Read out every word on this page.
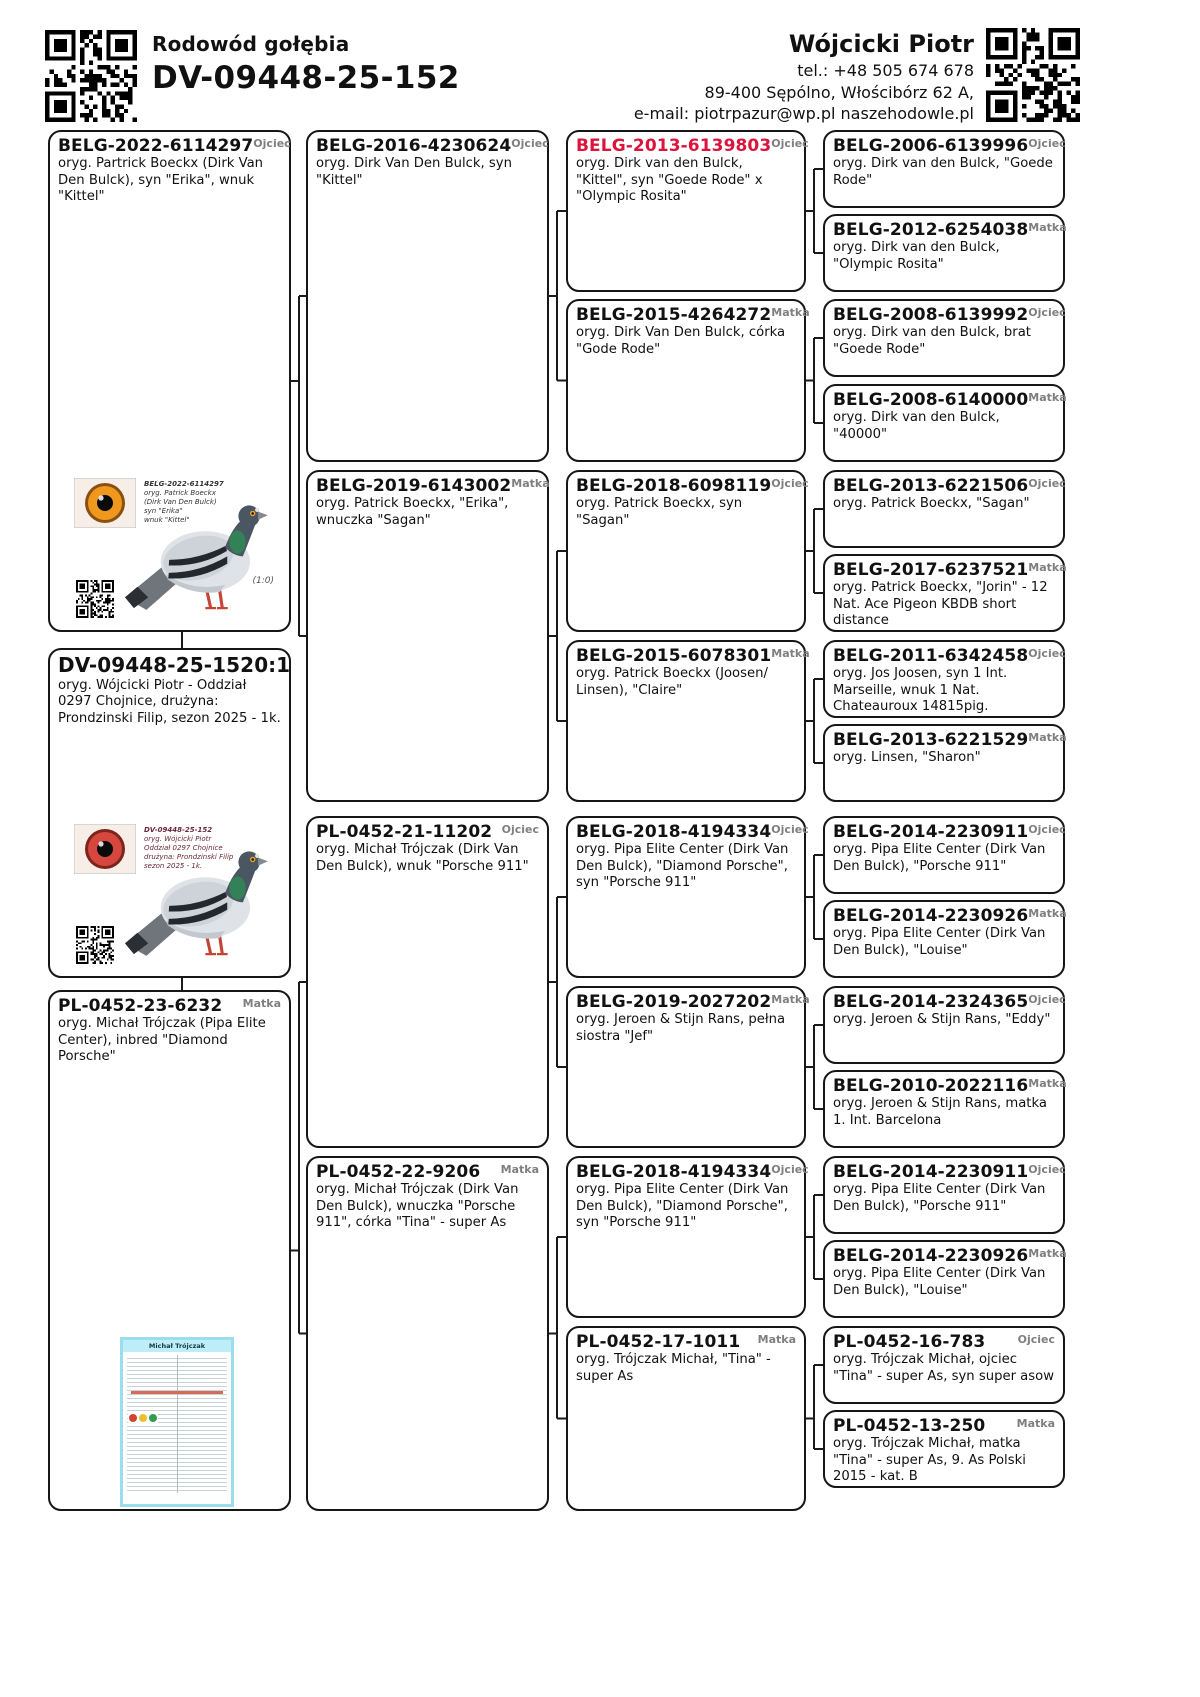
Rodowód gołębia
DV-09448-25-152
Wójcicki Piotr
tel.: +48 505 674 678
89-400 Sępólno, Włościbórz 62 A,
e-mail: piotrpazur@wp.pl naszehodowle.pl
BELG-2022-6114297 Ojciec
oryg. Partrick Boeckx (Dirk Van Den Bulck), syn "Erika", wnuk "Kittel"
BELG-2022-6114297
oryg. Patrick Boeckx
(Dirk Van Den Bulck)
syn "Erika"
wnuk "Kittel"
(1:0)
DV-09448-25-152 0:1
oryg. Wójcicki Piotr - Oddział 0297 Chojnice, drużyna: Prondzinski Filip, sezon 2025 - 1k.
DV-09448-25-152
oryg. Wójcicki Piotr
Oddział 0297 Chojnice
drużyna: Prondzinski Filip
sezon 2025 - 1k.
PL-0452-23-6232 Matka
oryg. Michał Trójczak (Pipa Elite Center), inbred "Diamond Porsche"
Michał Trójczak
BELG-2016-4230624 Ojciec
oryg. Dirk Van Den Bulck, syn "Kittel"
BELG-2019-6143002 Matka
oryg. Patrick Boeckx, "Erika", wnuczka "Sagan"
PL-0452-21-11202 Ojciec
oryg. Michał Trójczak (Dirk Van Den Bulck), wnuk "Porsche 911"
PL-0452-22-9206 Matka
oryg. Michał Trójczak (Dirk Van Den Bulck), wnuczka "Porsche 911", córka "Tina" - super As
BELG-2013-6139803 Ojciec
oryg. Dirk van den Bulck, "Kittel", syn "Goede Rode" x "Olympic Rosita"
BELG-2015-4264272 Matka
oryg. Dirk Van Den Bulck, córka "Gode Rode"
BELG-2018-6098119 Ojciec
oryg. Patrick Boeckx, syn "Sagan"
BELG-2015-6078301 Matka
oryg. Patrick Boeckx (Joosen/ Linsen), "Claire"
BELG-2018-4194334 Ojciec
oryg. Pipa Elite Center (Dirk Van Den Bulck), "Diamond Porsche", syn "Porsche 911"
BELG-2019-2027202 Matka
oryg. Jeroen & Stijn Rans, pełna siostra "Jef"
BELG-2018-4194334 Ojciec
oryg. Pipa Elite Center (Dirk Van Den Bulck), "Diamond Porsche", syn "Porsche 911"
PL-0452-17-1011 Matka
oryg. Trójczak Michał, "Tina" - super As
BELG-2006-6139996 Ojciec
oryg. Dirk van den Bulck, "Goede Rode"
BELG-2012-6254038 Matka
oryg. Dirk van den Bulck, "Olympic Rosita"
BELG-2008-6139992 Ojciec
oryg. Dirk van den Bulck, brat "Goede Rode"
BELG-2008-6140000 Matka
oryg. Dirk van den Bulck, "40000"
BELG-2013-6221506 Ojciec
oryg. Patrick Boeckx, "Sagan"
BELG-2017-6237521 Matka
oryg. Patrick Boeckx, "Jorin" - 12 Nat. Ace Pigeon KBDB short distance
BELG-2011-6342458 Ojciec
oryg. Jos Joosen, syn 1 Int. Marseille, wnuk 1 Nat. Chateauroux 14815pig.
BELG-2013-6221529 Matka
oryg. Linsen, "Sharon"
BELG-2014-2230911 Ojciec
oryg. Pipa Elite Center (Dirk Van Den Bulck), "Porsche 911"
BELG-2014-2230926 Matka
oryg. Pipa Elite Center (Dirk Van Den Bulck), "Louise"
BELG-2014-2324365 Ojciec
oryg. Jeroen & Stijn Rans, "Eddy"
BELG-2010-2022116 Matka
oryg. Jeroen & Stijn Rans, matka 1. Int. Barcelona
BELG-2014-2230911 Ojciec
oryg. Pipa Elite Center (Dirk Van Den Bulck), "Porsche 911"
BELG-2014-2230926 Matka
oryg. Pipa Elite Center (Dirk Van Den Bulck), "Louise"
PL-0452-16-783	Ojciec
oryg. Trójczak Michał, ojciec "Tina" - super As, syn super asow
PL-0452-13-250	Matka
oryg. Trójczak Michał, matka "Tina" - super As, 9. As Polski 2015 - kat. B
